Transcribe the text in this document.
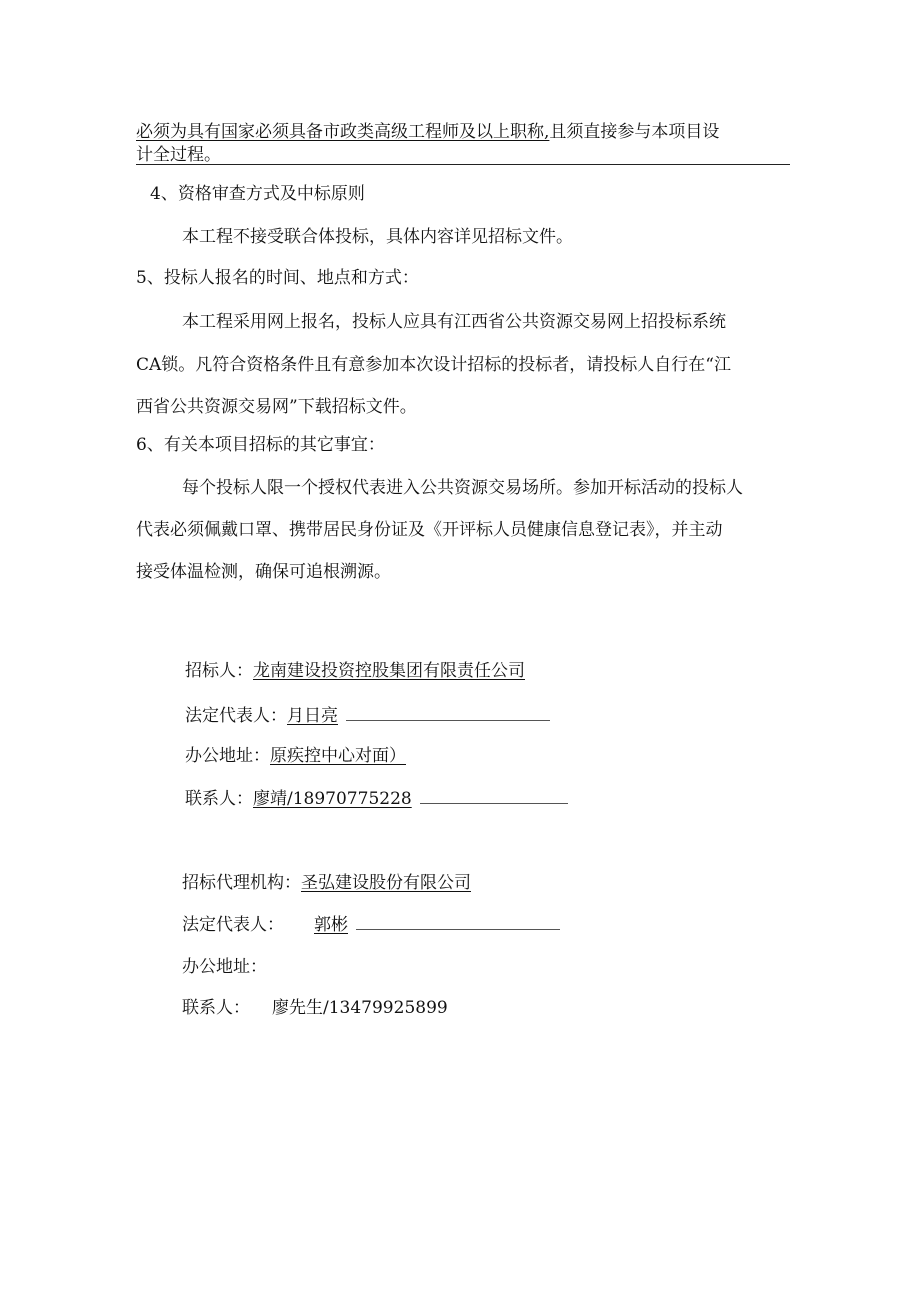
必须为具有国家必须具备市政类高级工程师及以上职称,且须直接参与本项目设
计全过程。
4、资格审查方式及中标原则
本工程不接受联合体投标，具体内容详见招标文件。
5、投标人报名的时间、地点和方式：
本工程采用网上报名，投标人应具有江西省公共资源交易网上招投标系统
CA锁。凡符合资格条件且有意参加本次设计招标的投标者，请投标人自行在“江
西省公共资源交易网”下载招标文件。
6、有关本项目招标的其它事宜：
每个投标人限一个授权代表进入公共资源交易场所。参加开标活动的投标人
代表必须佩戴口罩、携带居民身份证及《开评标人员健康信息登记表》，并主动
接受体温检测，确保可追根溯源。
招标人：龙南建设投资控股集团有限责任公司
法定代表人：月日亮
办公地址：原疾控中心对面）
联系人：廖靖/18970775228
招标代理机构：圣弘建设股份有限公司
法定代表人： 郭彬
办公地址：
联系人： 廖先生/13479925899
